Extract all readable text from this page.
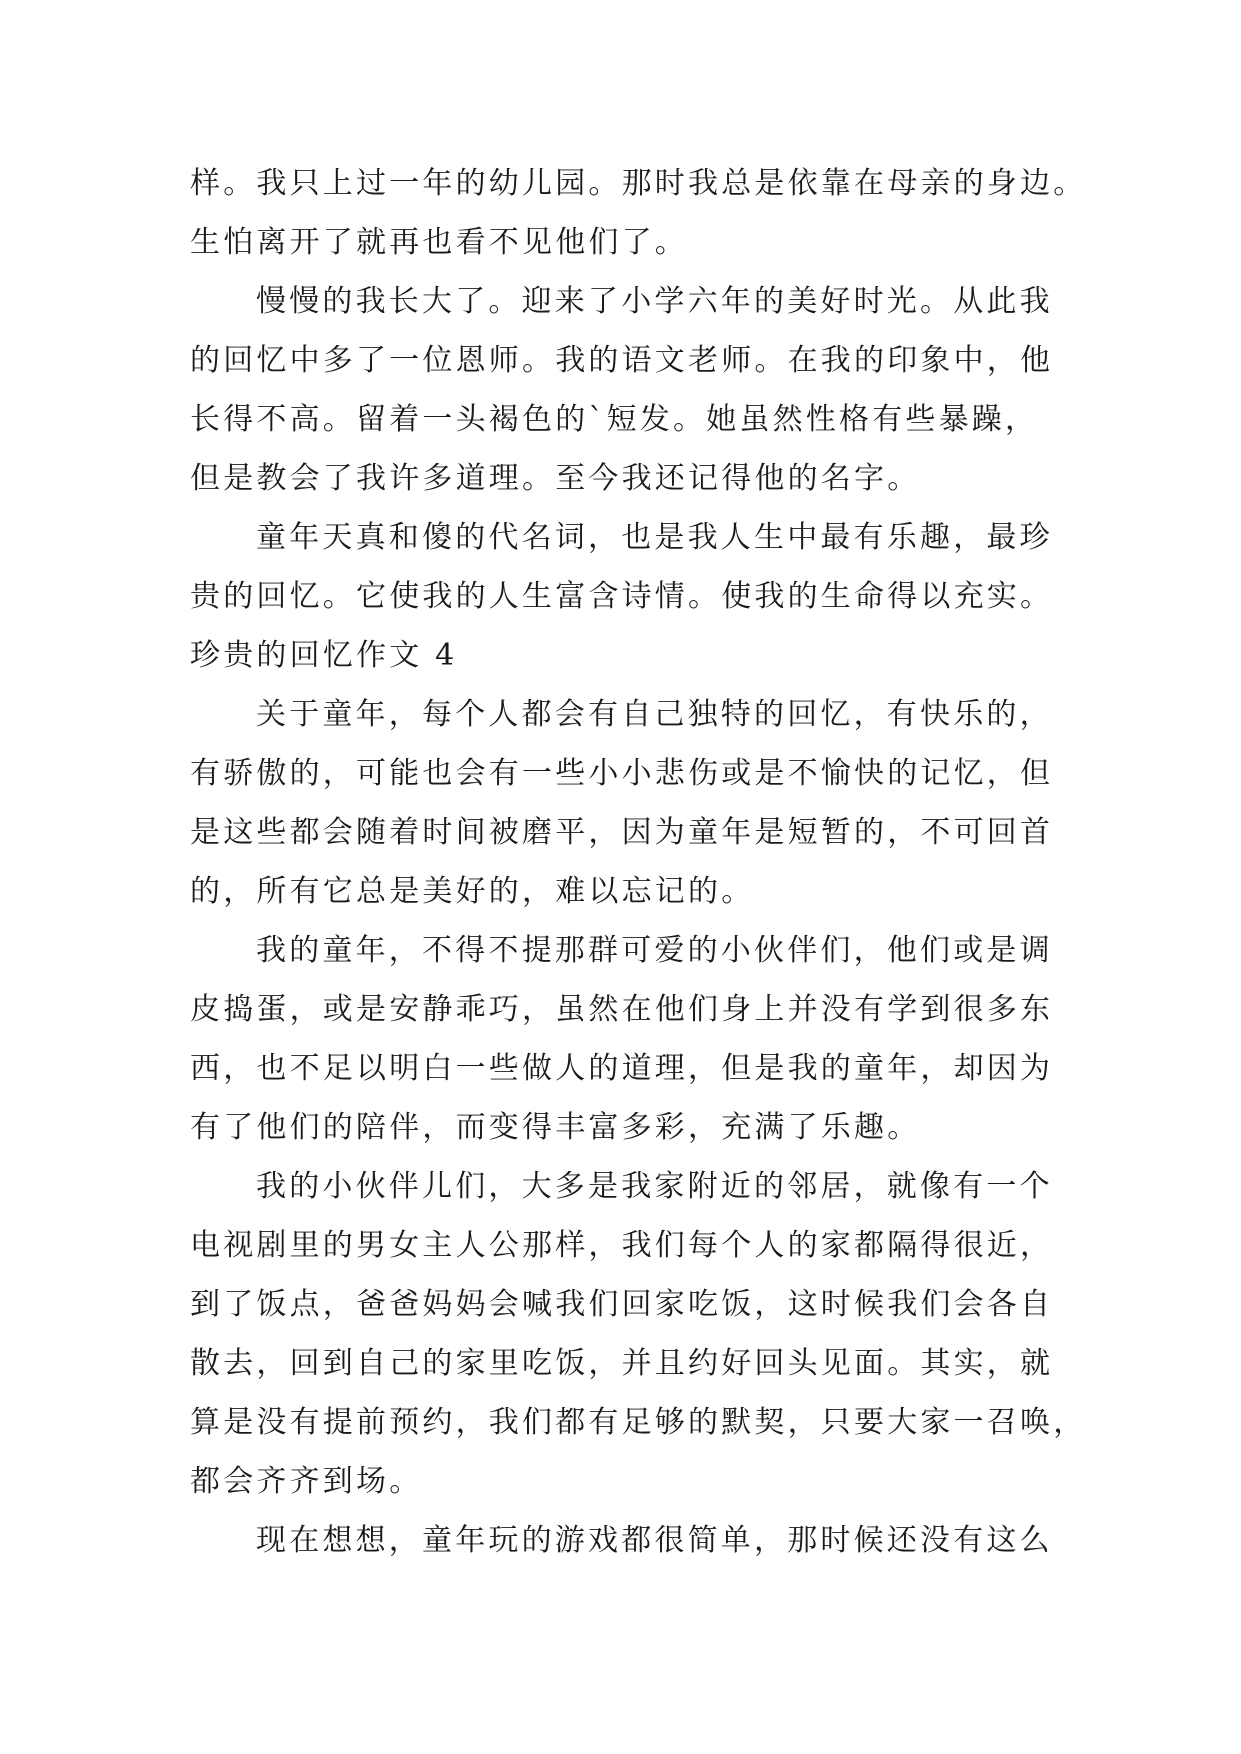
样。我只上过一年的幼儿园。那时我总是依靠在母亲的身边。
生怕离开了就再也看不见他们了。
慢慢的我长大了。迎来了小学六年的美好时光。从此我
的回忆中多了一位恩师。我的语文老师。在我的印象中，他
长得不高。留着一头褐色的`短发。她虽然性格有些暴躁，
但是教会了我许多道理。至今我还记得他的名字。
童年天真和傻的代名词，也是我人生中最有乐趣，最珍
贵的回忆。它使我的人生富含诗情。使我的生命得以充实。
珍贵的回忆作文 4
关于童年，每个人都会有自己独特的回忆，有快乐的，
有骄傲的，可能也会有一些小小悲伤或是不愉快的记忆，但
是这些都会随着时间被磨平，因为童年是短暂的，不可回首
的，所有它总是美好的，难以忘记的。
我的童年，不得不提那群可爱的小伙伴们，他们或是调
皮捣蛋，或是安静乖巧，虽然在他们身上并没有学到很多东
西，也不足以明白一些做人的道理，但是我的童年，却因为
有了他们的陪伴，而变得丰富多彩，充满了乐趣。
我的小伙伴儿们，大多是我家附近的邻居，就像有一个
电视剧里的男女主人公那样，我们每个人的家都隔得很近，
到了饭点，爸爸妈妈会喊我们回家吃饭，这时候我们会各自
散去，回到自己的家里吃饭，并且约好回头见面。其实，就
算是没有提前预约，我们都有足够的默契，只要大家一召唤，
都会齐齐到场。
现在想想，童年玩的游戏都很简单，那时候还没有这么
